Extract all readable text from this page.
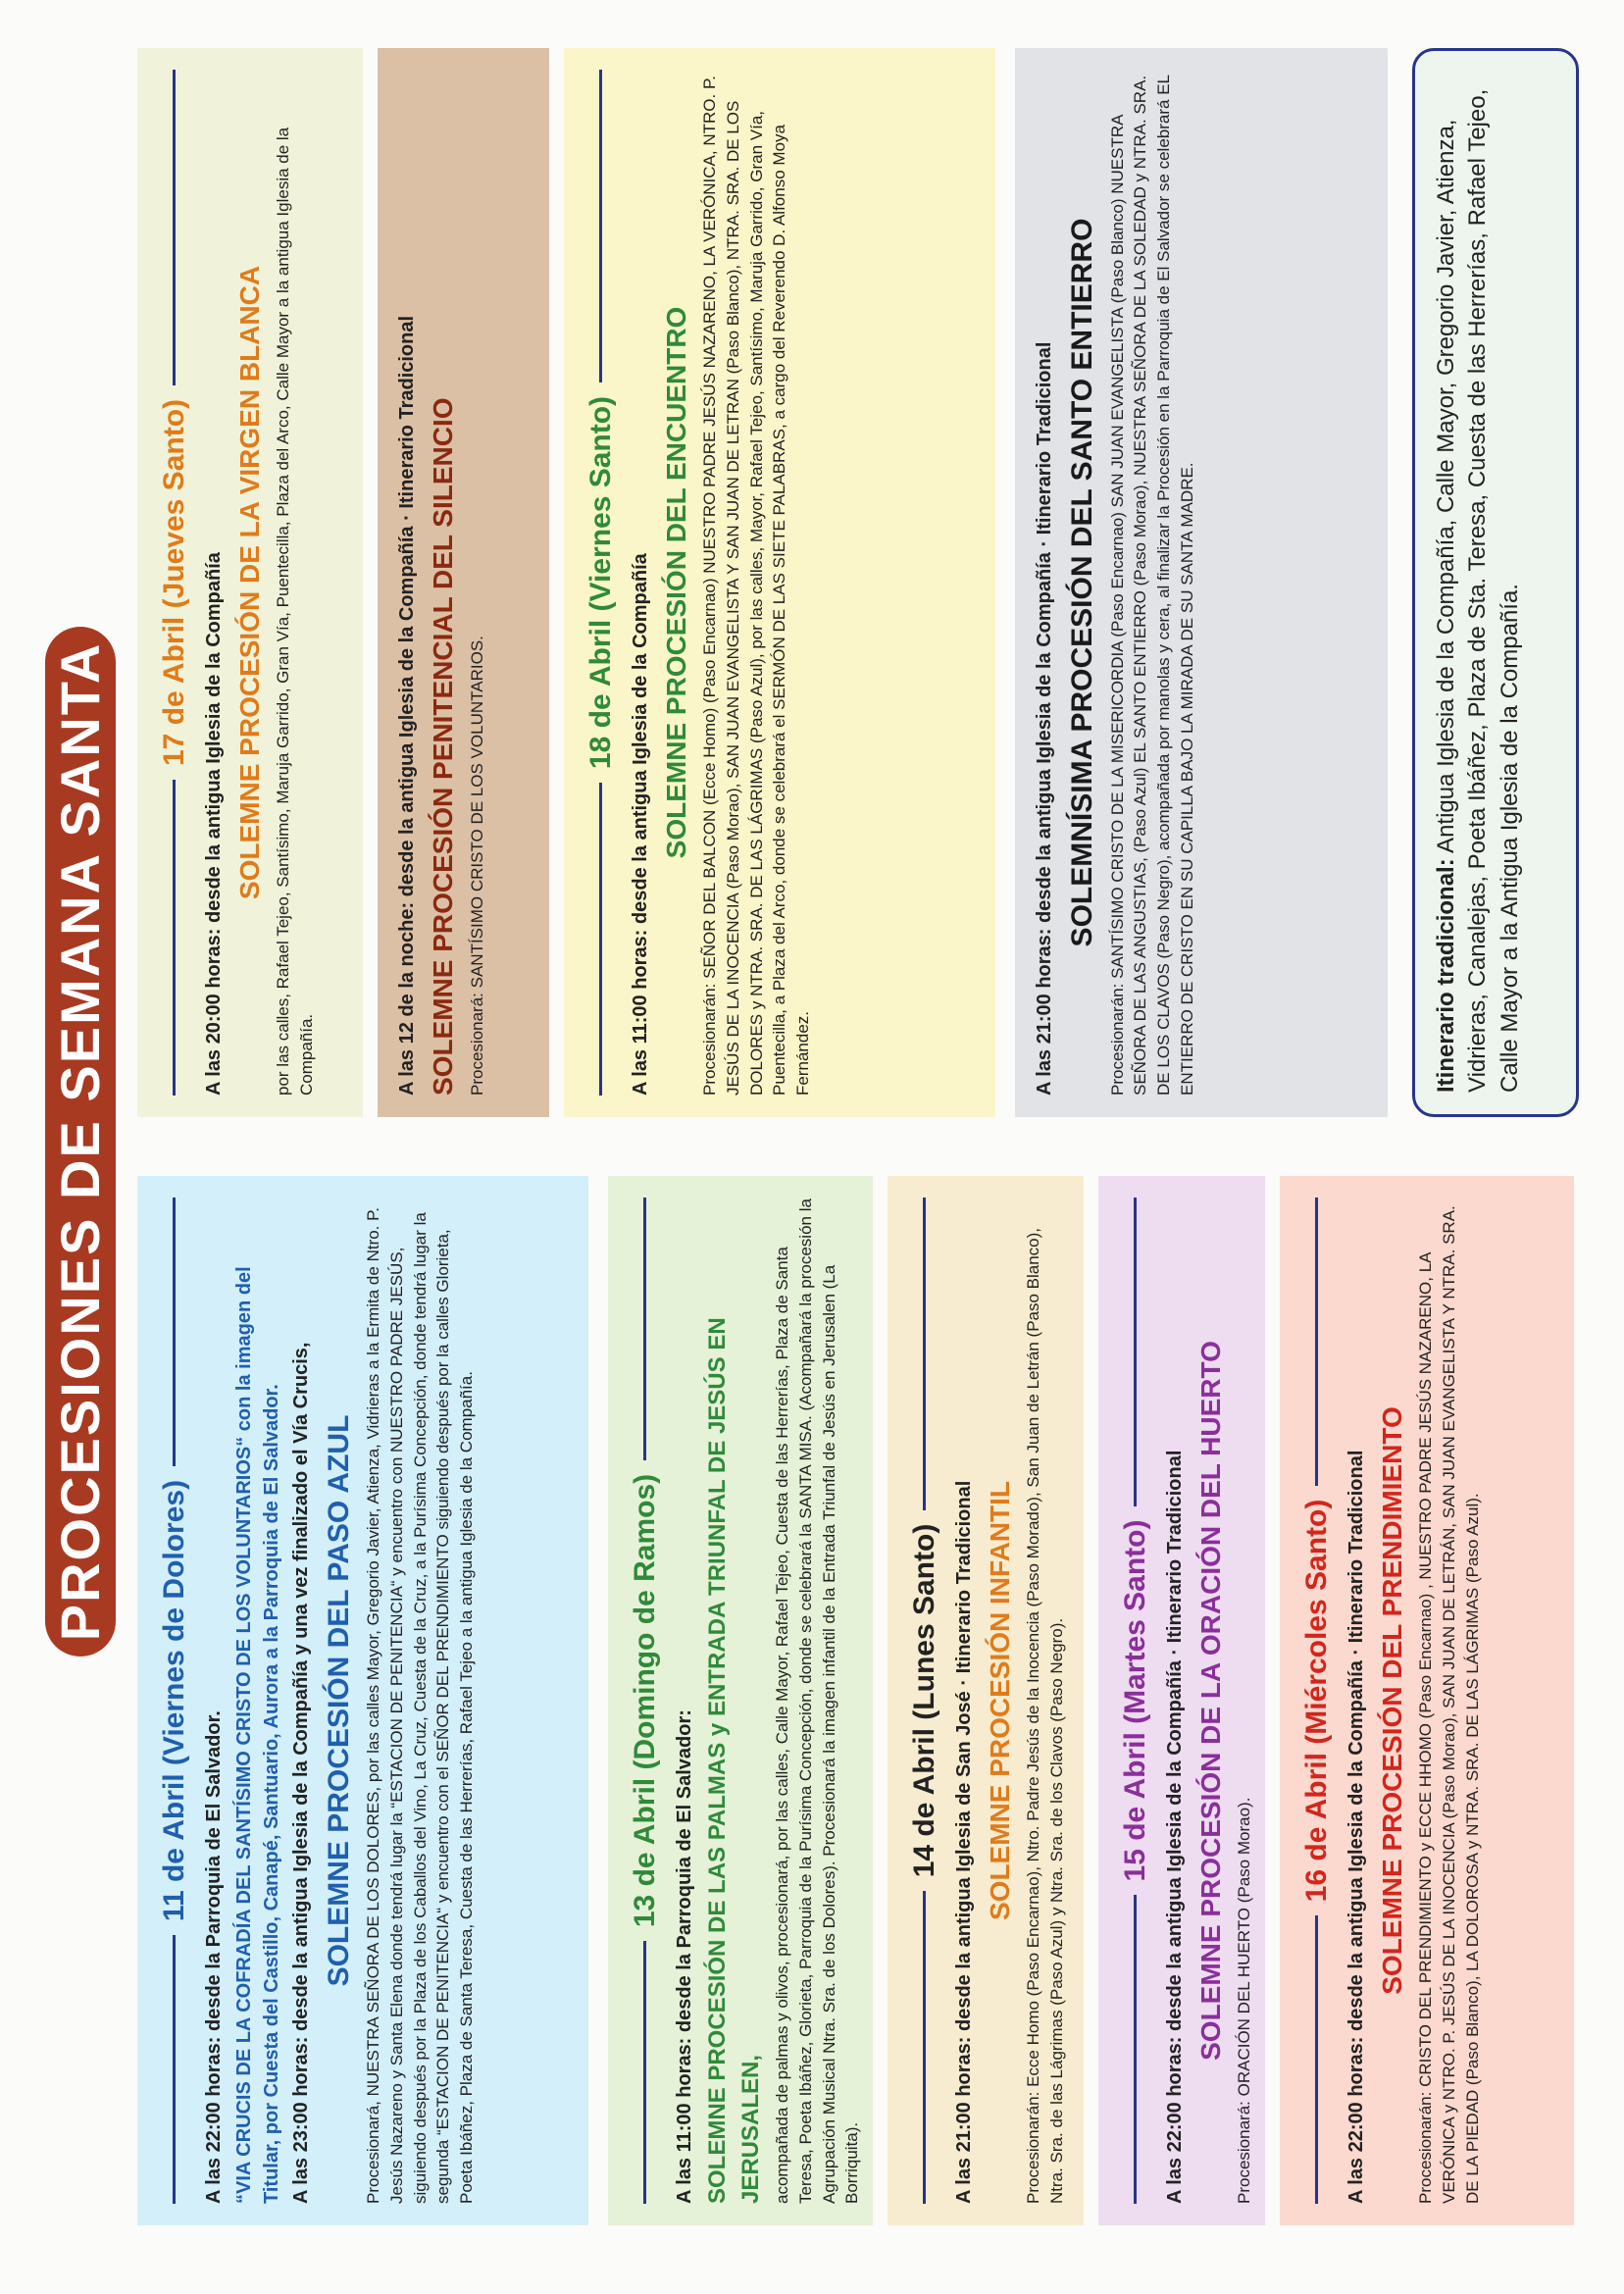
PROCESIONES DE SEMANA SANTA
11 de Abril (Viernes de Dolores)

A las 22:00 horas: desde la Parroquia de El Salvador. “VIA CRUCIS DE LA COFRADÍA DEL SANTÍSIMO CRISTO DE LOS VOLUNTARIOS“ con la imagen del Titular, por Cuesta del Castillo, Canapé, Santuario, Aurora a la Parroquia de El Salvador. A las 23:00 horas: desde la antigua Iglesia de la Compañía y una vez finalizado el Vía Crucis, SOLEMNE PROCESIÓN DEL PASO AZUL Procesionará, NUESTRA SEÑORA DE LOS DOLORES, por las calles Mayor, Gregorio Javier, Atienza, Vidrieras a la Ermita de Ntro. P. Jesús Nazareno y Santa Elena donde tendrá lugar la “ESTACION DE PENITENCIA“ y encuentro con NUESTRO PADRE JESÚS, siguiendo después por la Plaza de los Caballos del Vino, La Cruz, Cuesta de la Cruz, a la Purísima Concepción, donde tendrá lugar la segunda “ESTACION DE PENITENCIA“ y encuentro con el SEÑOR DEL PRENDIMIENTO siguiendo después por la calles Glorieta, Poeta Ibáñez, Plaza de Santa Teresa, Cuesta de las Herrerías, Rafael Tejeo a la antigua Iglesia de la Compañía.	13 de Abril (Domingo de Ramos)

A las 11:00 horas: desde la Parroquia de El Salvador: SOLEMNE PROCESIÓN DE LAS PALMAS y ENTRADA TRIUNFAL DE JESÚS EN JERUSALEN, acompañada de palmas y olivos, procesionará, por las calles, Calle Mayor, Rafael Tejeo, Cuesta de las Herrerías, Plaza de Santa Teresa, Poeta Ibáñez, Glorieta, Parroquia de la Purísima Concepción, donde se celebrará la SANTA MISA. (Acompañará la procesión la Agrupación Musical Ntra. Sra. de los Dolores). Procesionará la imagen infantil de la Entrada Triunfal de Jesús en Jerusalen (La Borriquita).

14 de Abril (Lunes Santo) A las 21:00 horas: desde la antigua Iglesia de San José · Itinerario Tradicional SOLEMNE PROCESIÓN INFANTIL Procesionarán: Ecce Homo (Paso Encarnao), Ntro. Padre Jesús de la Inocencia (Paso Morado), San Juan de Letrán (Paso Blanco), Ntra. Sra. de las Lágrimas (Paso Azul) y Ntra. Sra. de los Clavos (Paso Negro). 15 de Abril (Martes Santo) A las 22:00 horas: desde la antigua Iglesia de la Compañía · Itinerario Tradicional SOLEMNE PROCESIÓN DE LA ORACIÓN DEL HUERTO Procesionará: ORACIÓN DEL HUERTO (Paso Morao).

16 de Abril (Miércoles Santo) A las 22:00 horas: desde la antigua Iglesia de la Compañía · Itinerario Tradicional SOLEMNE PROCESIÓN DEL PRENDIMIENTO Procesionarán: CRISTO DEL PRENDIMIENTO y ECCE HHOMO (Paso Encarnao) , NUESTRO PADRE JESÚS NAZARENO, LA VERÓNICA y NTRO. P. JESÚS DE LA INOCENCIA (Paso Morao), SAN JUAN DE LETRÁN, SAN JUAN EVANGELISTA Y NTRA. SRA. DE LA PIEDAD (Paso Blanco), LA DOLOROSA y NTRA. SRA. DE LAS LÁGRIMAS (Paso Azul).

17 de Abril (Jueves Santo) A las 20:00 horas: desde la antigua Iglesia de la Compañía SOLEMNE PROCESIÓN DE LA VIRGEN BLANCA por las calles, Rafael Tejeo, Santísimo, Maruja Garrido, Gran Vía, Puentecilla, Plaza del Arco, Calle Mayor a la antigua Iglesia de la Compañía.	A las 12 de la noche: desde la antigua Iglesia de la Compañía · Itinerario Tradicional SOLEMNE PROCESIÓN PENITENCIAL DEL SILENCIO Procesionará: SANTÍSIMO CRISTO DE LOS VOLUNTARIOS.

18 de Abril (Viernes Santo) A las 11:00 horas: desde la antigua Iglesia de la Compañía SOLEMNE PROCESIÓN DEL ENCUENTRO Procesionarán: SEÑOR DEL BALCON (Ecce Homo) (Paso Encarnao) NUESTRO PADRE JESÚS NAZARENO, LA VERÓNICA, NTRO. P. JESÚS DE LA INOCENCIA (Paso Morao), SAN JUAN EVANGELISTA Y SAN JUAN DE LETRAN (Paso Blanco), NTRA. SRA. DE LOS DOLORES y NTRA. SRA. DE LAS LÁGRIMAS (Paso Azul), por las calles, Mayor, Rafael Tejeo, Santísimo, Maruja Garrido, Gran Vía, Puentecilla, a Plaza del Arco, donde se celebrará el SERMÓN DE LAS SIETE PALABRAS, a cargo del Reverendo D. Alfonso Moya Fernández.	A las 21:00 horas: desde la antigua Iglesia de la Compañía · Itinerario Tradicional SOLEMNÍSIMA PROCESIÓN DEL SANTO ENTIERRO Procesionarán: SANTÍSIMO CRISTO DE LA MISERICORDIA (Paso Encarnao) SAN JUAN EVANGELISTA (Paso Blanco) NUESTRA SEÑORA DE LAS ANGUSTIAS, (Paso Azul) EL SANTO ENTIERRO (Paso Morao), NUESTRA SEÑORA DE LA SOLEDAD y NTRA. SRA. DE LOS CLAVOS (Paso Negro), acompañada por manolas y cera, al finalizar la Procesión en la Parroquia de El Salvador se celebrará EL ENTIERRO DE CRISTO EN SU CAPILLA BAJO LA MIRADA DE SU SANTA MADRE.	Itinerario tradicional: Antigua Iglesia de la Compañía, Calle Mayor, Gregorio Javier, Atienza, Vidrieras, Canalejas, Poeta Ibáñez, Plaza de Sta. Teresa, Cuesta de las Herrerías, Rafael Tejeo, Calle Mayor a la Antigua Iglesia de la Compañía.
